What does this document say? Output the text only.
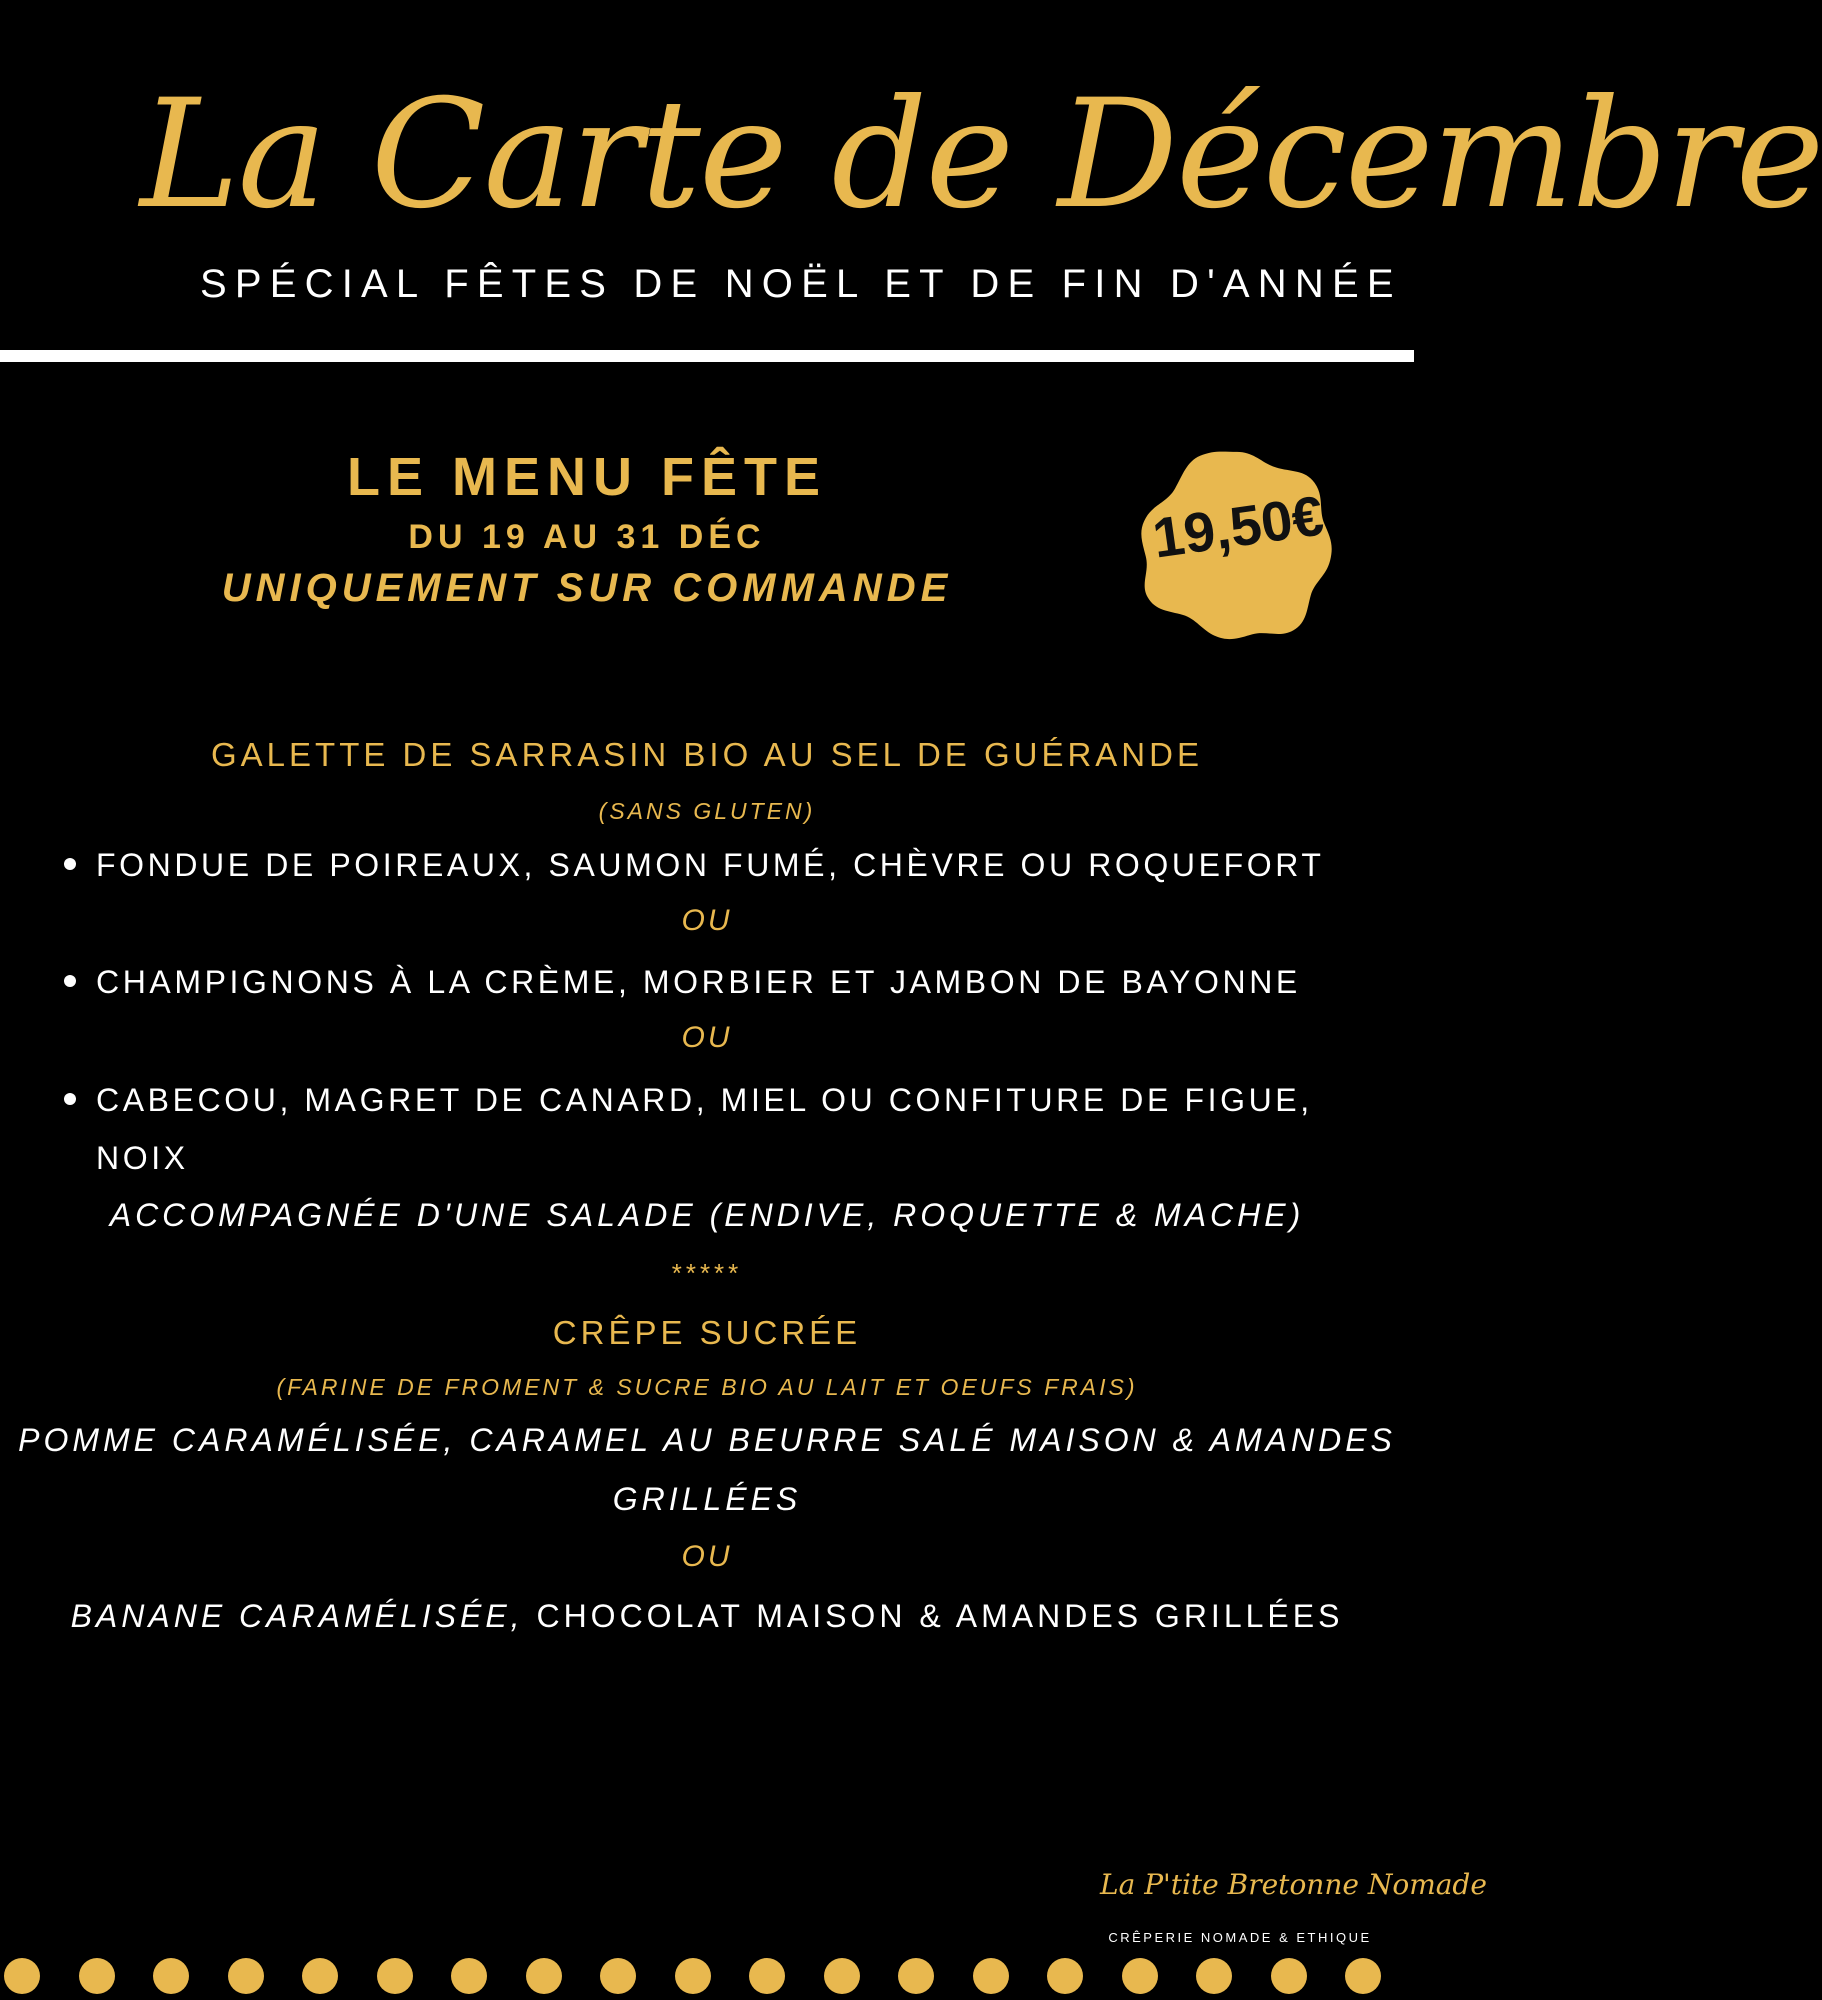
La Carte de Décembre
SPÉCIAL FÊTES DE NOËL ET DE FIN D'ANNÉE
LE MENU FÊTE
DU 19 AU 31 DÉC
UNIQUEMENT SUR COMMANDE
19,50€
GALETTE DE SARRASIN BIO AU SEL DE GUÉRANDE
(SANS GLUTEN)
FONDUE DE POIREAUX, SAUMON FUMÉ, CHÈVRE OU ROQUEFORT
OU
CHAMPIGNONS À LA CRÈME, MORBIER ET JAMBON DE BAYONNE
OU
CABECOU, MAGRET DE CANARD, MIEL OU CONFITURE DE FIGUE,
NOIX
ACCOMPAGNÉE D'UNE SALADE (ENDIVE, ROQUETTE & MACHE)
*****
CRÊPE SUCRÉE
(FARINE DE FROMENT & SUCRE BIO AU LAIT ET OEUFS FRAIS)
POMME CARAMÉLISÉE, CARAMEL AU BEURRE SALÉ MAISON & AMANDES
GRILLÉES
OU
BANANE CARAMÉLISÉE, CHOCOLAT MAISON & AMANDES GRILLÉES
La P'tite Bretonne Nomade
CRÊPERIE NOMADE & ETHIQUE
